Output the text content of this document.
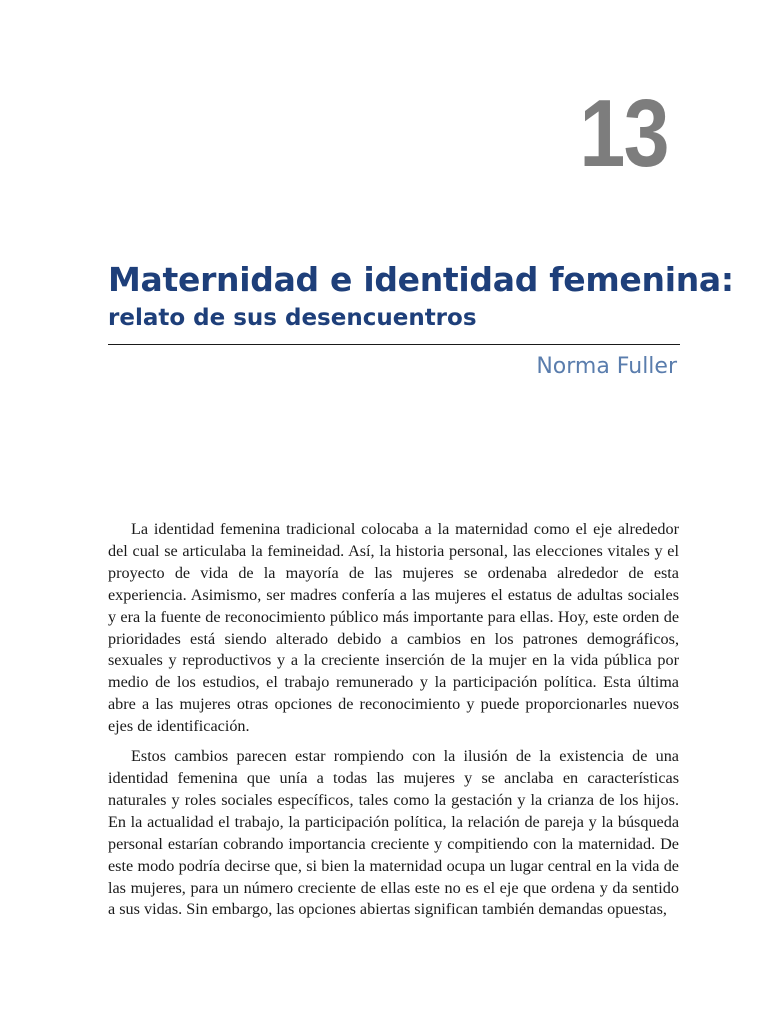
13
Maternidad e identidad femenina:
relato de sus desencuentros
Norma Fuller

La identidad femenina tradicional colocaba a la maternidad como el eje alrededor del cual se articulaba la femineidad. Así, la historia personal, las elecciones vitales y el proyecto de vida de la mayoría de las mujeres se ordenaba alrededor de esta experiencia. Asimismo, ser madres confería a las mujeres el estatus de adultas sociales y era la fuente de reconocimiento público más importante para ellas. Hoy, este orden de prioridades está siendo alterado debido a cambios en los patrones demográficos, sexuales y reproductivos y a la creciente inserción de la mujer en la vida pública por medio de los estudios, el trabajo remunerado y la participación política. Esta última abre a las mujeres otras opciones de reconocimiento y puede proporcionarles nuevos ejes de identificación.

Estos cambios parecen estar rompiendo con la ilusión de la existencia de una identidad femenina que unía a todas las mujeres y se anclaba en características naturales y roles sociales específicos, tales como la gestación y la crianza de los hijos. En la actualidad el trabajo, la participación política, la relación de pareja y la búsqueda personal estarían cobrando importancia creciente y compitiendo con la maternidad. De este modo podría decirse que, si bien la maternidad ocupa un lugar central en la vida de las mujeres, para un número creciente de ellas este no es el eje que ordena y da sentido a sus vidas. Sin embargo, las opciones abiertas significan también demandas opuestas,
